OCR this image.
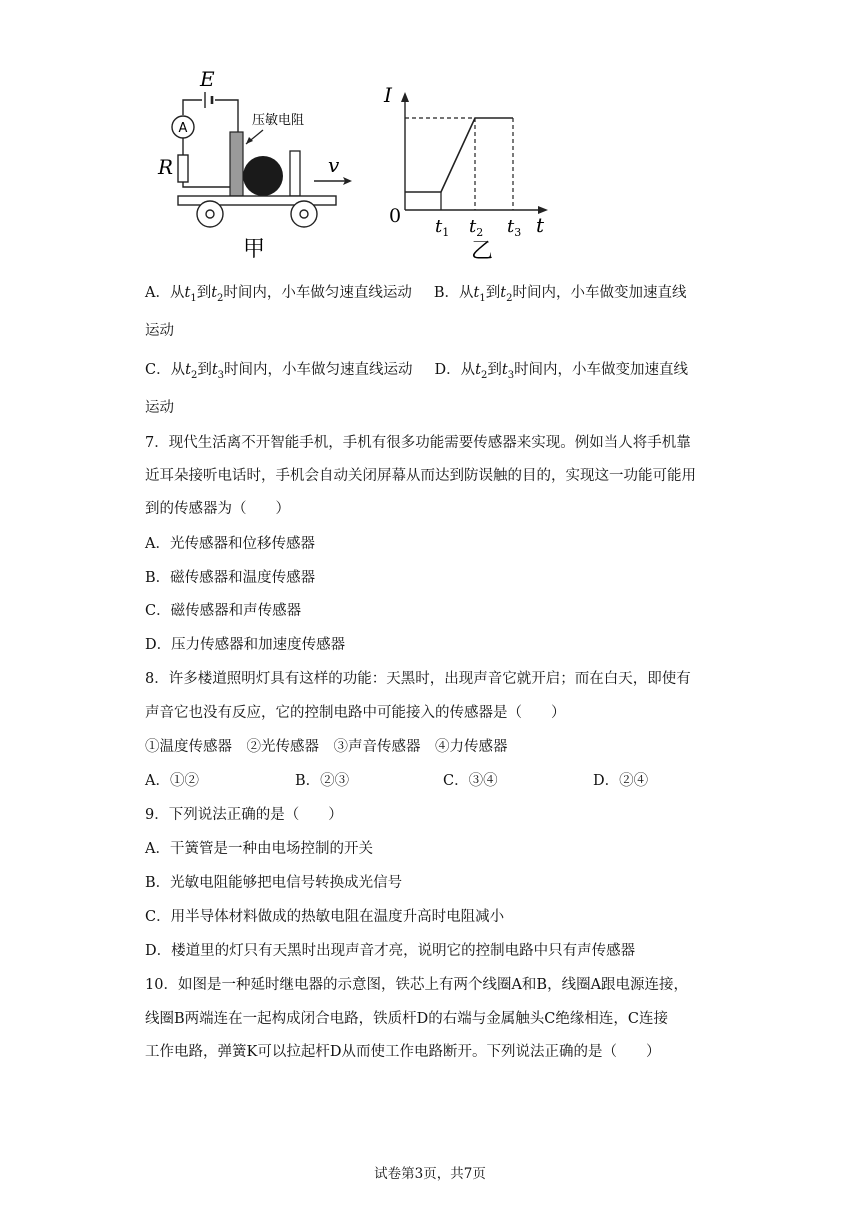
E
A
R
压敏电阻
v
甲
I
t
0 $t_1$ $t_2$ $t_3$
乙
A．从$t_1$到$t_2$时间内，小车做匀速直线运动 B．从$t_1$到$t_2$时间内，小车做变加速直线
运动
C．从$t_2$到$t_3$时间内，小车做匀速直线运动 D．从$t_2$到$t_3$时间内，小车做变加速直线
运动
7．现代生活离不开智能手机，手机有很多功能需要传感器来实现。例如当人将手机靠
近耳朵接听电话时，手机会自动关闭屏幕从而达到防误触的目的，实现这一功能可能用
到的传感器为（　　）
A．光传感器和位移传感器
B．磁传感器和温度传感器
C．磁传感器和声传感器
D．压力传感器和加速度传感器
8．许多楼道照明灯具有这样的功能：天黑时，出现声音它就开启；而在白天，即使有
声音它也没有反应，它的控制电路中可能接入的传感器是（　　）
①温度传感器　②光传感器　③声音传感器　④力传感器
A．①②	B．②③	C．③④	D．②④
9．下列说法正确的是（　　）
A．干簧管是一种由电场控制的开关
B．光敏电阻能够把电信号转换成光信号
C．用半导体材料做成的热敏电阻在温度升高时电阻减小
D．楼道里的灯只有天黑时出现声音才亮，说明它的控制电路中只有声传感器
10．如图是一种延时继电器的示意图，铁芯上有两个线圈A和B，线圈A跟电源连接，
线圈B两端连在一起构成闭合电路，铁质杆D的右端与金属触头C绝缘相连，C连接
工作电路，弹簧K可以拉起杆D从而使工作电路断开。下列说法正确的是（　　）
试卷第3页，共7页
